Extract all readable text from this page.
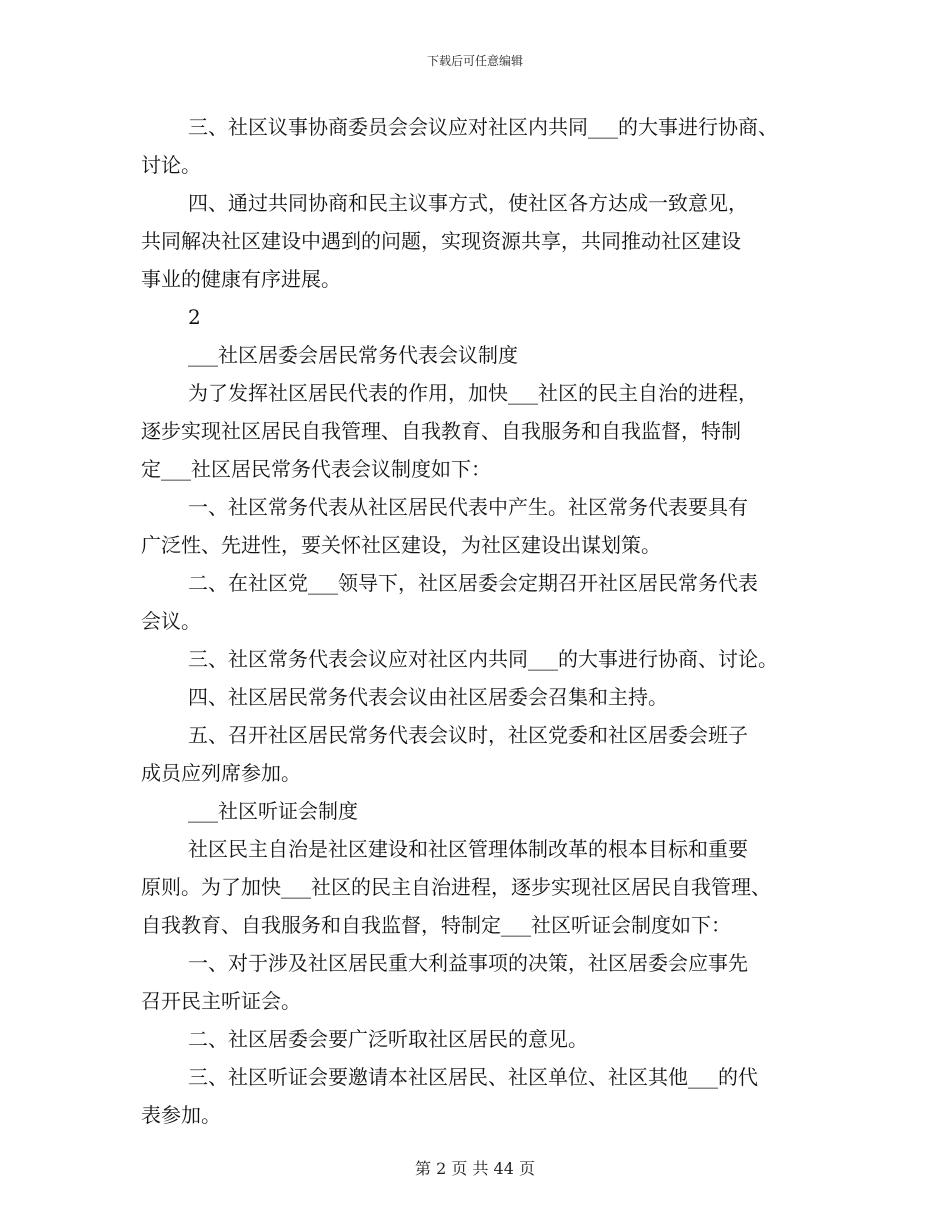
下载后可任意编辑

三、社区议事协商委员会会议应对社区内共同___的大事进行协商、

讨论。

四、通过共同协商和民主议事方式，使社区各方达成一致意见，

共同解决社区建设中遇到的问题，实现资源共享，共同推动社区建设

事业的健康有序进展。

2

___社区居委会居民常务代表会议制度

为了发挥社区居民代表的作用，加快___社区的民主自治的进程，

逐步实现社区居民自我管理、自我教育、自我服务和自我监督，特制

定___社区居民常务代表会议制度如下：

一、社区常务代表从社区居民代表中产生。社区常务代表要具有

广泛性、先进性，要关怀社区建设，为社区建设出谋划策。

二、在社区党___领导下，社区居委会定期召开社区居民常务代表

会议。

三、社区常务代表会议应对社区内共同___的大事进行协商、讨论。

四、社区居民常务代表会议由社区居委会召集和主持。

五、召开社区居民常务代表会议时，社区党委和社区居委会班子

成员应列席参加。

___社区听证会制度

社区民主自治是社区建设和社区管理体制改革的根本目标和重要

原则。为了加快___社区的民主自治进程，逐步实现社区居民自我管理、

自我教育、自我服务和自我监督，特制定___社区听证会制度如下：

一、对于涉及社区居民重大利益事项的决策，社区居委会应事先

召开民主听证会。

二、社区居委会要广泛听取社区居民的意见。

三、社区听证会要邀请本社区居民、社区单位、社区其他___的代

表参加。

第 2 页 共 44 页
